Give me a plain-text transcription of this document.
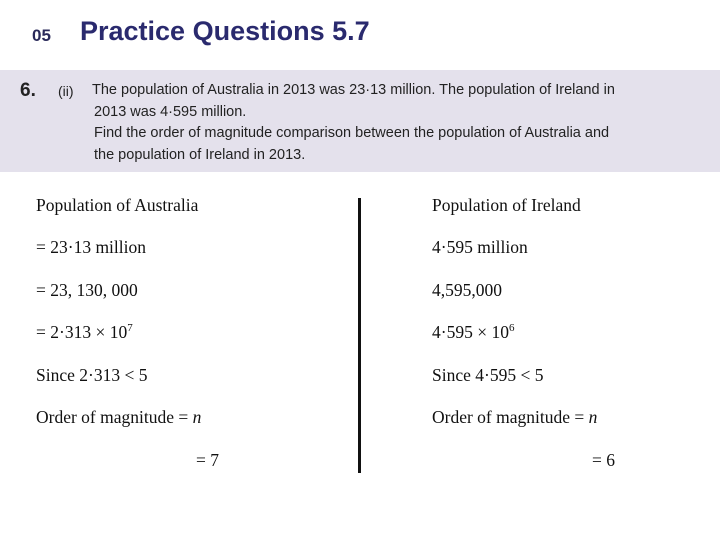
05	Practice Questions 5.7
6. (ii) The population of Australia in 2013 was 23·13 million. The population of Ireland in
2013 was 4·595 million.
Find the order of magnitude comparison between the population of Australia and
the population of Ireland in 2013.
Population of Australia
= 23·13 million
= 23, 130, 000
= $2\cdot 313 \times 10^7$
Since 2·313 < 5
Order of magnitude = n
= 7
Population of Ireland
4·595 million
4,595,000
$4\cdot 595 \times 10^6$
Since 4·595 < 5
Order of magnitude = n
= 6
